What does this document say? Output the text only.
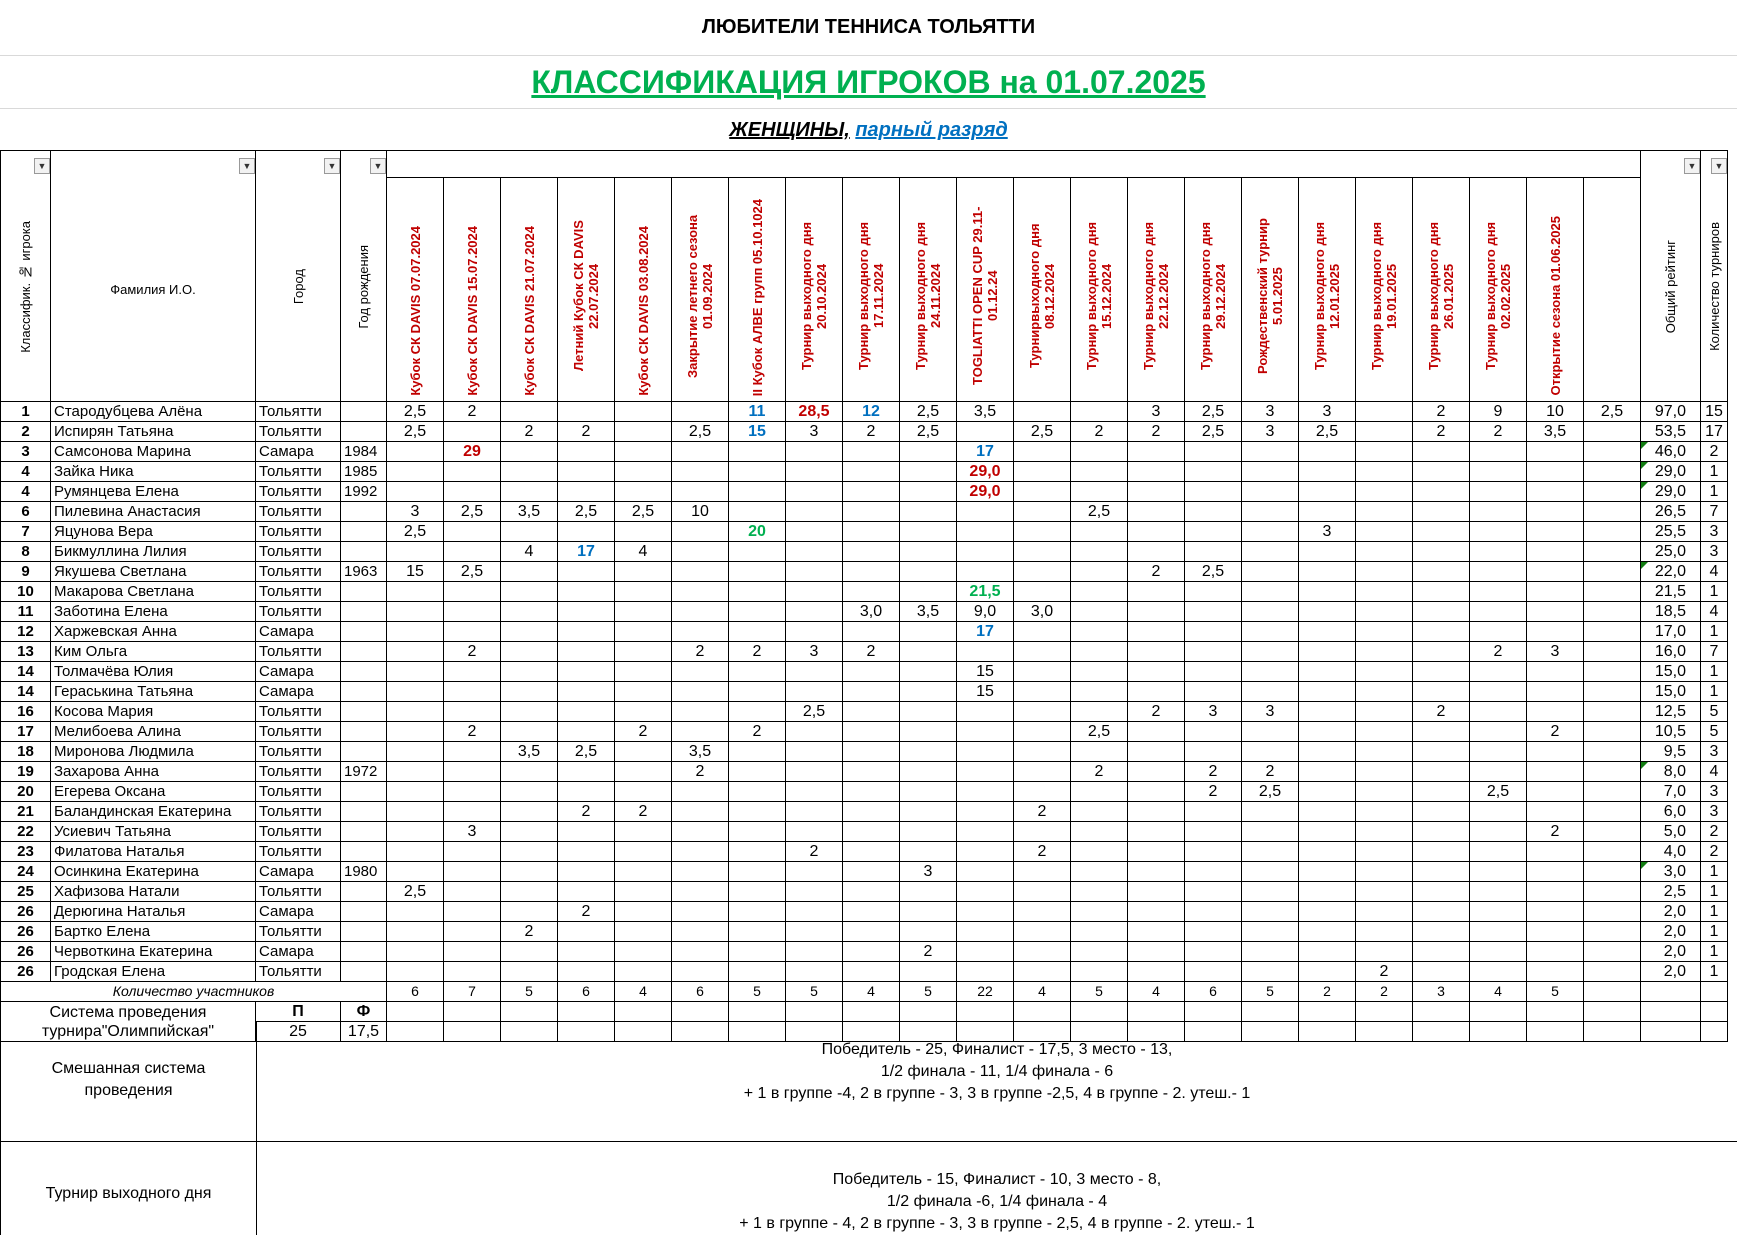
ЛЮБИТЕЛИ ТЕННИСА ТОЛЬЯТТИ
КЛАССИФИКАЦИЯ ИГРОКОВ на 01.07.2025
ЖЕНЩИНЫ, парный разряд
▼	▼	▼	▼																							▼	▼
Классифик. № игрока	Фамилия И.О.	Город	Год рождения	Кубок СК DAVIS 07.07.2024	Кубок СК DAVIS 15.07.2024	Кубок СК DAVIS 21.07.2024	Летний Кубок СК DAVIS 22.07.2024	Кубок СК DAVIS 03.08.2024	Закрытие летнего сезона 01.09.2024	II Кубок АЛВЕ групп 05.10.1024	Турнир выходного дня 20.10.2024	Турнир выходного дня 17.11.2024	Турнир выходного дня 24.11.2024	TOGLIATTI OPEN CUP 29.11-01.12.24	Турнирвыходного дня 08.12.2024	Турнир выходного дня 15.12.2024	Турнир выходного дня 22.12.2024	Турнир выходного дня 29.12.2024	Рождественский турнир 5.01.2025	Турнир выходного дня 12.01.2025	Турнир выходного дня 19.01.2025	Турнир выходного дня 26.01.2025	Турнир выходного дня 02.02.2025	Открытие сезона 01.06.2025		Общий рейтинг	Количество турниров
1	Стародубцева Алёна	Тольятти		2,5	2					11	28,5	12	2,5	3,5			3	2,5	3	3		2	9	10	2,5	97,0	15
2	Испирян Татьяна	Тольятти		2,5		2	2		2,5	15	3	2	2,5		2,5	2	2	2,5	3	2,5		2	2	3,5		53,5	17
3	Самсонова Марина	Самара	1984		29									17												46,0	2
4	Зайка Ника	Тольятти	1985											29,0												29,0	1
4	Румянцева Елена	Тольятти	1992											29,0												29,0	1
6	Пилевина Анастасия	Тольятти		3	2,5	3,5	2,5	2,5	10							2,5										26,5	7
7	Яцунова Вера	Тольятти		2,5						20										3						25,5	3
8	Бикмуллина Лилия	Тольятти				4	17	4																		25,0	3
9	Якушева Светлана	Тольятти	1963	15	2,5												2	2,5								22,0	4
10	Макарова Светлана	Тольятти												21,5												21,5	1
11	Заботина Елена	Тольятти										3,0	3,5	9,0	3,0											18,5	4
12	Харжевская Анна	Самара												17												17,0	1
13	Ким Ольга	Тольятти			2				2	2	3	2											2	3		16,0	7
14	Толмачёва Юлия	Самара												15												15,0	1
14	Гераськина Татьяна	Самара												15												15,0	1
16	Косова Мария	Тольятти									2,5						2	3	3			2				12,5	5
17	Мелибоева Алина	Тольятти			2			2		2						2,5								2		10,5	5
18	Миронова Людмила	Тольятти				3,5	2,5		3,5																	9,5	3
19	Захарова Анна	Тольятти	1972						2							2		2	2							8,0	4
20	Егерева Оксана	Тольятти																2	2,5				2,5			7,0	3
21	Баландинская Екатерина	Тольятти					2	2							2											6,0	3
22	Усиевич Татьяна	Тольятти			3																			2		5,0	2
23	Филатова Наталья	Тольятти									2				2											4,0	2
24	Осинкина Екатерина	Самара	1980										3													3,0	1
25	Хафизова Натали	Тольятти		2,5																						2,5	1
26	Дерюгина Наталья	Самара					2																			2,0	1
26	Бартко Елена	Тольятти				2																				2,0	1
26	Червоткина Екатерина	Самара											2													2,0	1
26	Гродская Елена	Тольятти																			2					2,0	1
Количество участников				6	7	5	6	4	6	5	5	4	5	22	4	5	4	6	5	2	2	3	4	5			
Система проведения турнира"Олимпийская"		П	Ф																								
		25	17,5																								
Смешанная система проведения
Победитель - 25, Финалист - 17,5, 3 место - 13,
1/2 финала - 11, 1/4 финала - 6
+ 1 в группе -4, 2 в группе - 3, 3 в группе -2,5, 4 в группе - 2. утеш.- 1
Турнир выходного дня
Победитель - 15, Финалист - 10, 3 место - 8,
1/2 финала -6, 1/4 финала - 4
+ 1 в группе - 4, 2 в группе - 3, 3 в группе - 2,5, 4 в группе - 2. утеш.- 1
